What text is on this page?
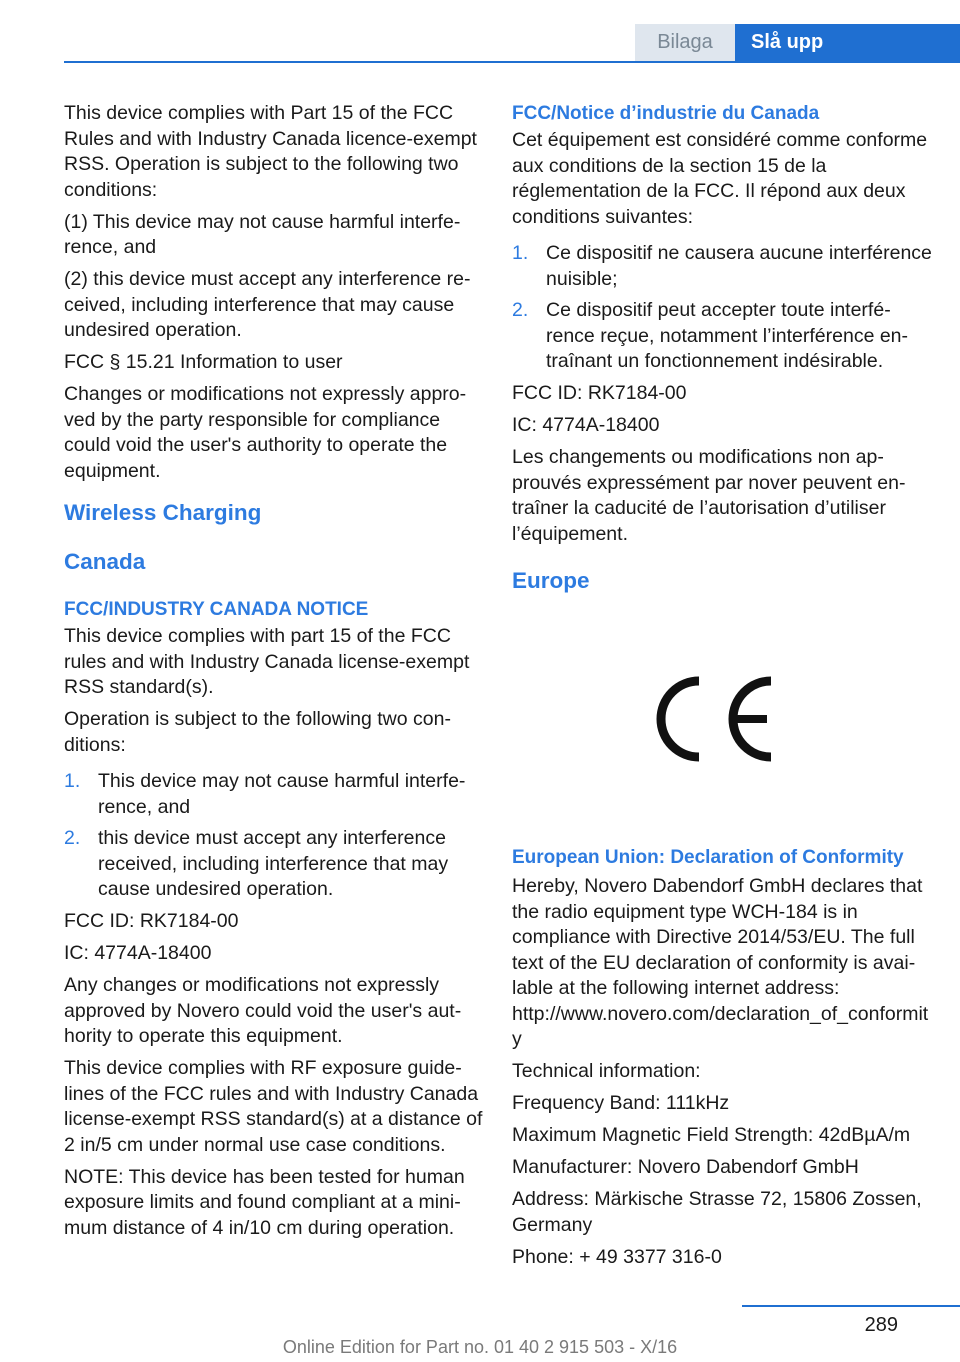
Bilaga	Slå upp

This device complies with Part 15 of the FCC Rules and with Industry Canada licence-exempt RSS. Operation is subject to the following two conditions:

(1) This device may not cause harmful interference, and

(2) this device must accept any interference received, including interference that may cause undesired operation.

FCC § 15.21 Information to user

Changes or modifications not expressly approved by the party responsible for compliance could void the user's authority to operate the equipment.

Wireless Charging
Canada
FCC/INDUSTRY CANADA NOTICE

This device complies with part 15 of the FCC rules and with Industry Canada license-exempt RSS standard(s).

Operation is subject to the following two conditions:

1. This device may not cause harmful interference, and
2. this device must accept any interference received, including interference that may cause undesired operation.

FCC ID: RK7184-00

IC: 4774A-18400

Any changes or modifications not expressly approved by Novero could void the user's authority to operate this equipment.

This device complies with RF exposure guidelines of the FCC rules and with Industry Canada license-exempt RSS standard(s) at a distance of 2 in/5 cm under normal use case conditions.

NOTE: This device has been tested for human exposure limits and found compliant at a minimum distance of 4 in/10 cm during operation.

FCC/Notice d’industrie du Canada

Cet équipement est considéré comme conforme aux conditions de la section 15 de la réglementation de la FCC. Il répond aux deux conditions suivantes:

1. Ce dispositif ne causera aucune interférence nuisible;
2. Ce dispositif peut accepter toute interférence reçue, notamment l’interférence entraînant un fonctionnement indésirable.

FCC ID: RK7184-00

IC: 4774A-18400

Les changements ou modifications non approuvés expressément par nover peuvent entraîner la caducité de l’autorisation d’utiliser l’équipement.

Europe
European Union: Declaration of Conformity

Hereby, Novero Dabendorf GmbH declares that the radio equipment type WCH-184 is in compliance with Directive 2014/53/EU. The full text of the EU declaration of conformity is available at the following internet address: http://www.novero.com/declaration_of_conformity

Technical information:

Frequency Band: 111kHz

Maximum Magnetic Field Strength: 42dBµA/m

Manufacturer: Novero Dabendorf GmbH

Address: Märkische Strasse 72, 15806 Zossen, Germany

Phone: + 49 3377 316-0

289
Online Edition for Part no. 01 40 2 915 503 - X/16
